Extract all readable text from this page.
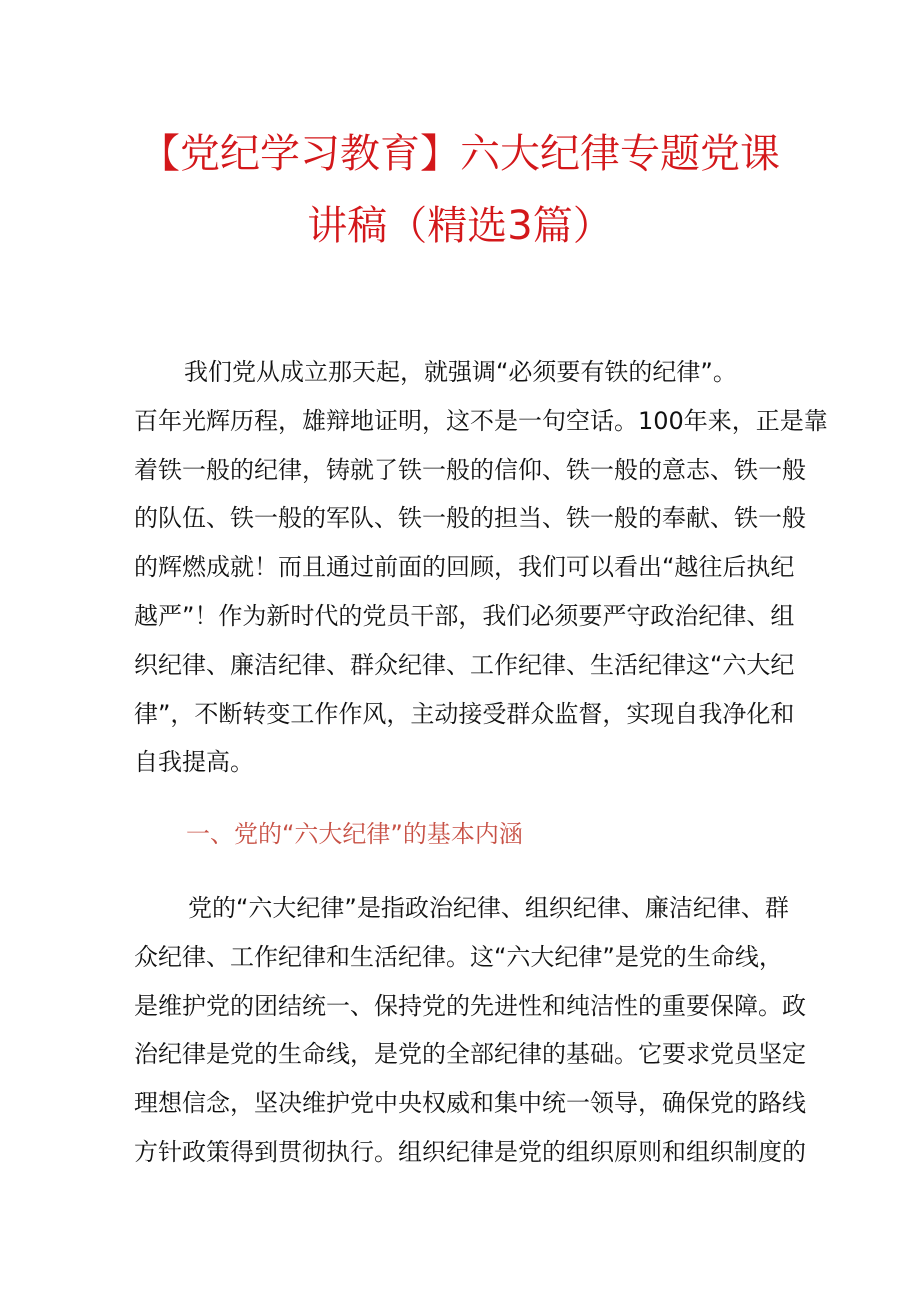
【党纪学习教育】六大纪律专题党课
讲稿（精选3篇）
我们党从成立那天起，就强调“必须要有铁的纪律”。
百年光辉历程，雄辩地证明，这不是一句空话。100年来，正是靠
着铁一般的纪律，铸就了铁一般的信仰、铁一般的意志、铁一般
的队伍、铁一般的军队、铁一般的担当、铁一般的奉献、铁一般
的辉燃成就！而且通过前面的回顾，我们可以看出“越往后执纪
越严”！作为新时代的党员干部，我们必须要严守政治纪律、组
织纪律、廉洁纪律、群众纪律、工作纪律、生活纪律这“六大纪
律”，不断转变工作作风，主动接受群众监督，实现自我净化和
自我提高。
一、党的“六大纪律”的基本内涵
党的“六大纪律”是指政治纪律、组织纪律、廉洁纪律、群
众纪律、工作纪律和生活纪律。这“六大纪律”是党的生命线，
是维护党的团结统一、保持党的先进性和纯洁性的重要保障。政
治纪律是党的生命线，是党的全部纪律的基础。它要求党员坚定
理想信念，坚决维护党中央权威和集中统一领导，确保党的路线
方针政策得到贯彻执行。组织纪律是党的组织原则和组织制度的
